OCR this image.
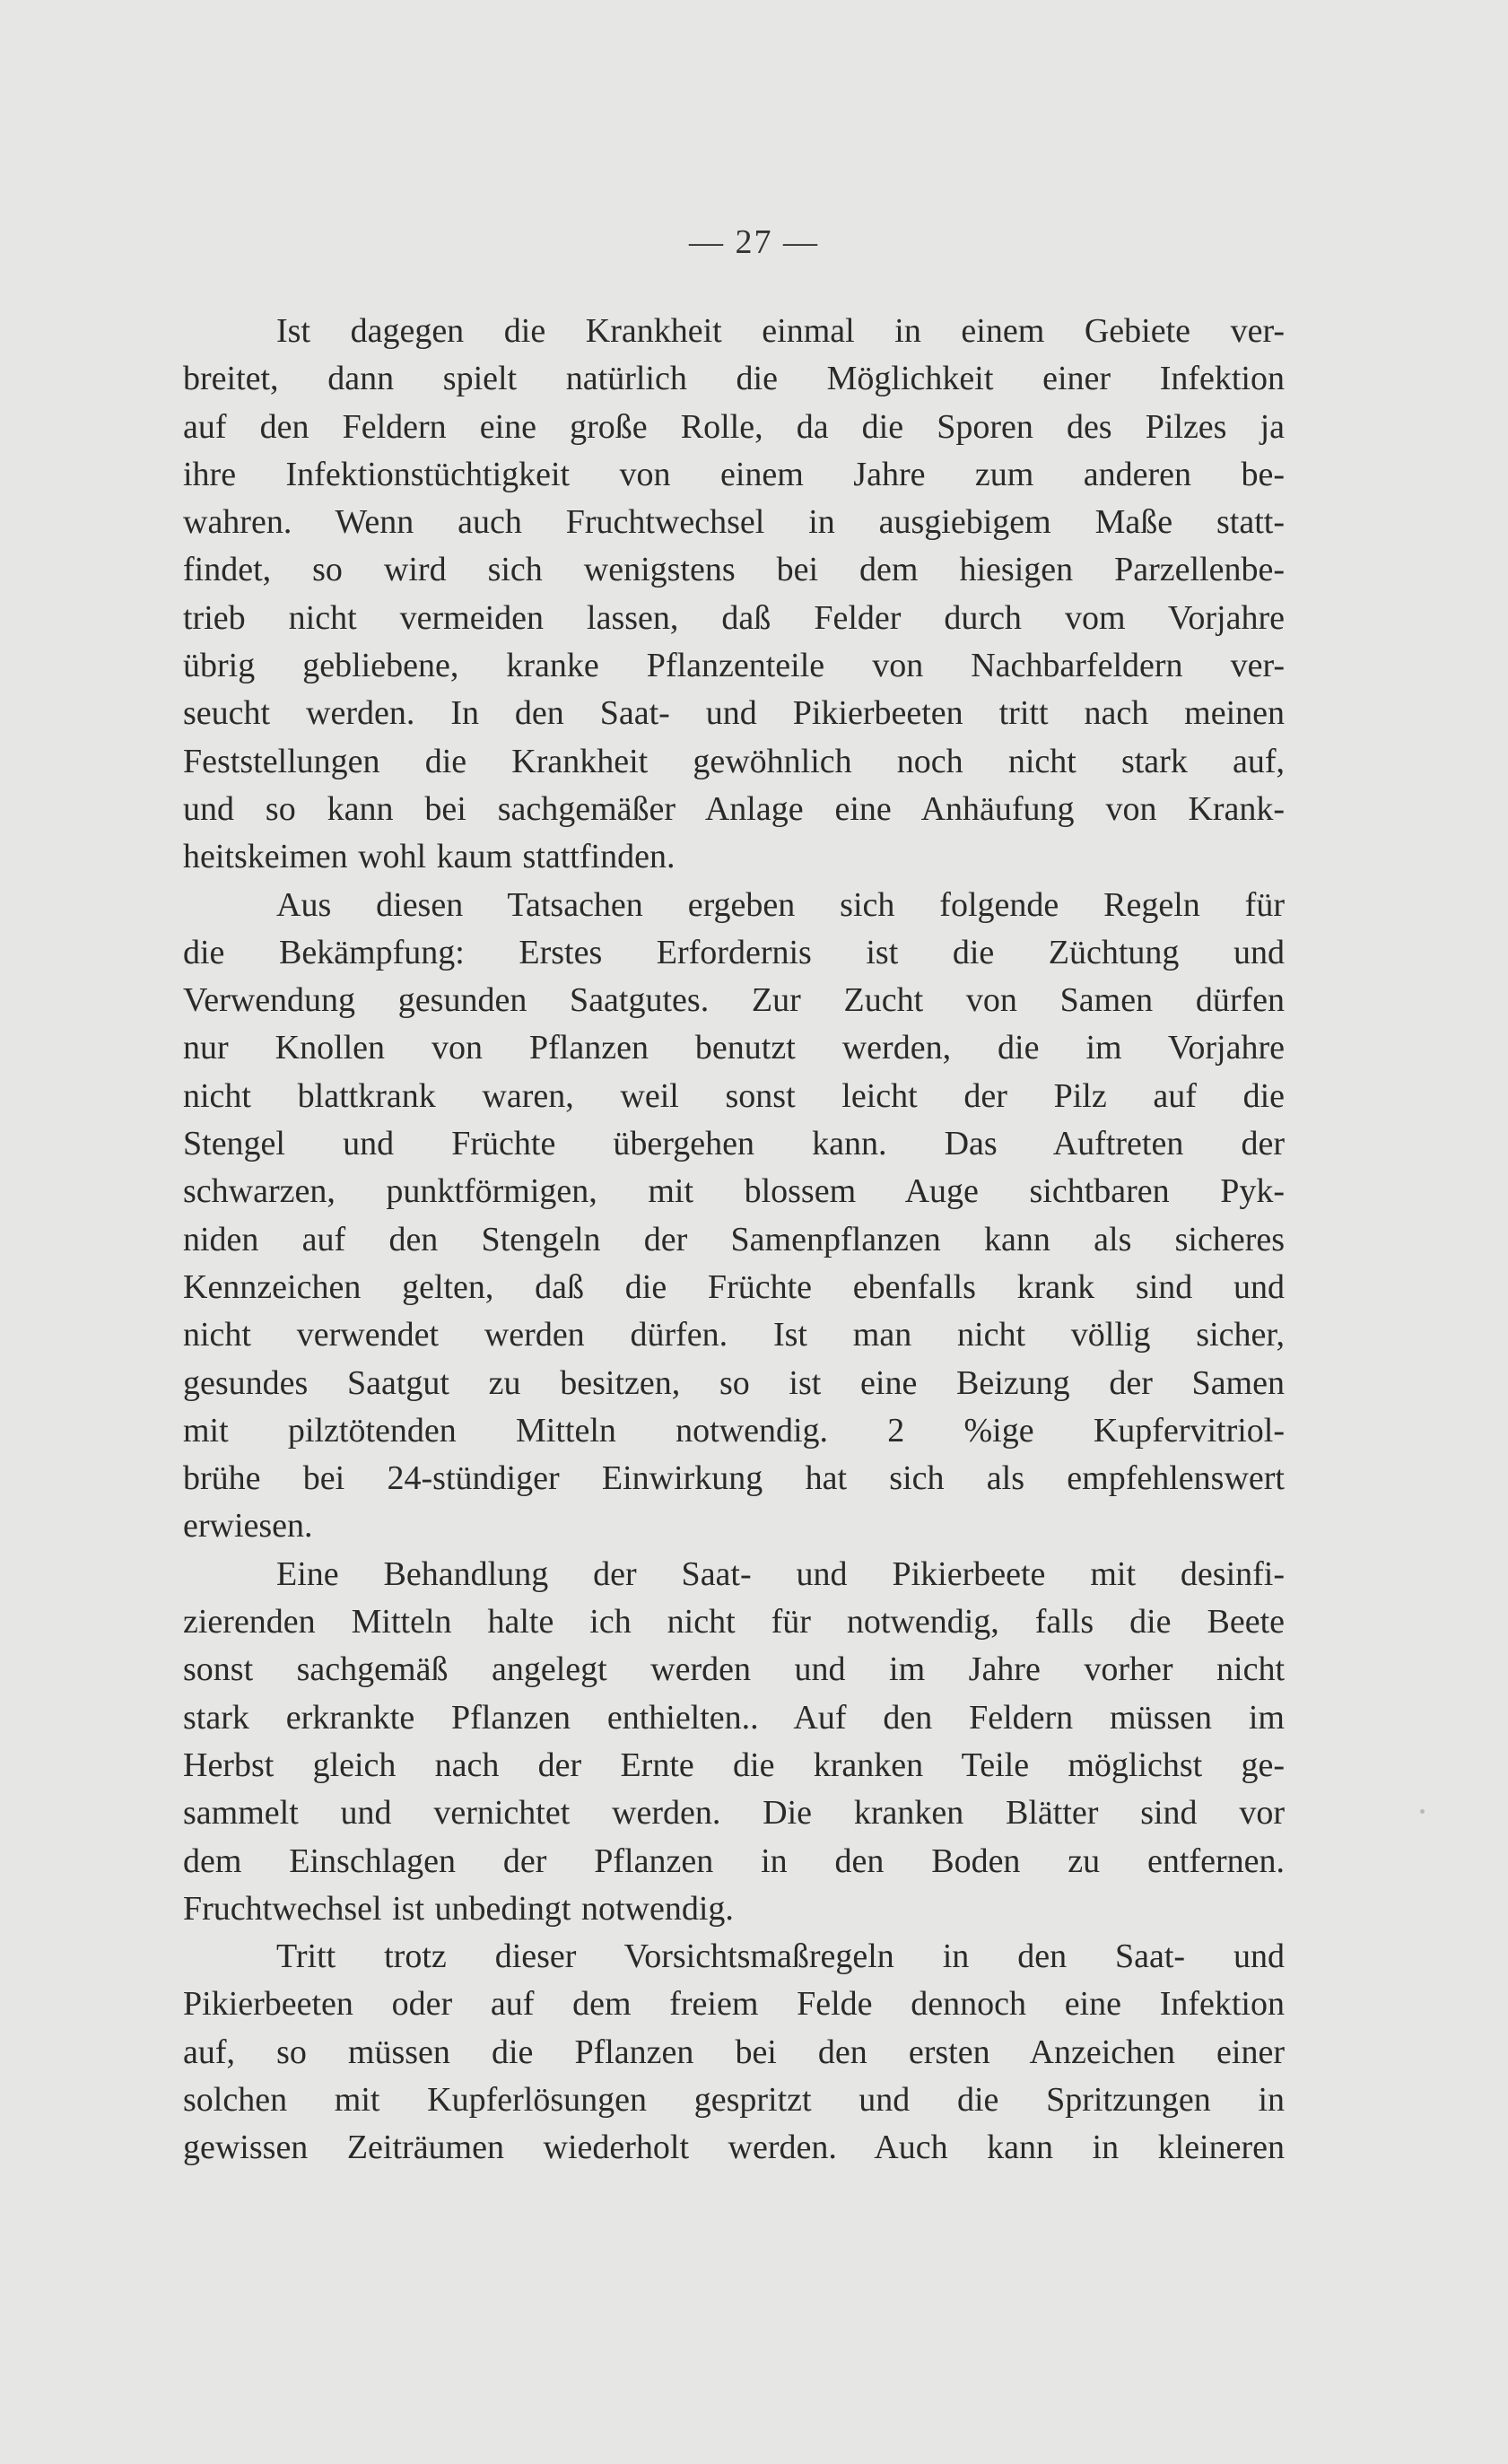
— 27 —
Ist dagegen die Krankheit einmal in einem Gebiete ver-
breitet, dann spielt natürlich die Möglichkeit einer Infektion
auf den Feldern eine große Rolle, da die Sporen des Pilzes ja
ihre Infektionstüchtigkeit von einem Jahre zum anderen be-
wahren. Wenn auch Fruchtwechsel in ausgiebigem Maße statt-
findet, so wird sich wenigstens bei dem hiesigen Parzellenbe-
trieb nicht vermeiden lassen, daß Felder durch vom Vorjahre
übrig gebliebene, kranke Pflanzenteile von Nachbarfeldern ver-
seucht werden. In den Saat- und Pikierbeeten tritt nach meinen
Feststellungen die Krankheit gewöhnlich noch nicht stark auf,
und so kann bei sachgemäßer Anlage eine Anhäufung von Krank-
heitskeimen wohl kaum stattfinden.
Aus diesen Tatsachen ergeben sich folgende Regeln für
die Bekämpfung: Erstes Erfordernis ist die Züchtung und
Verwendung gesunden Saatgutes. Zur Zucht von Samen dürfen
nur Knollen von Pflanzen benutzt werden, die im Vorjahre
nicht blattkrank waren, weil sonst leicht der Pilz auf die
Stengel und Früchte übergehen kann. Das Auftreten der
schwarzen, punktförmigen, mit blossem Auge sichtbaren Pyk-
niden auf den Stengeln der Samenpflanzen kann als sicheres
Kennzeichen gelten, daß die Früchte ebenfalls krank sind und
nicht verwendet werden dürfen. Ist man nicht völlig sicher,
gesundes Saatgut zu besitzen, so ist eine Beizung der Samen
mit pilztötenden Mitteln notwendig. 2 %ige Kupfervitriol-
brühe bei 24-stündiger Einwirkung hat sich als empfehlenswert
erwiesen.
Eine Behandlung der Saat- und Pikierbeete mit desinfi-
zierenden Mitteln halte ich nicht für notwendig, falls die Beete
sonst sachgemäß angelegt werden und im Jahre vorher nicht
stark erkrankte Pflanzen enthielten.. Auf den Feldern müssen im
Herbst gleich nach der Ernte die kranken Teile möglichst ge-
sammelt und vernichtet werden. Die kranken Blätter sind vor
dem Einschlagen der Pflanzen in den Boden zu entfernen.
Fruchtwechsel ist unbedingt notwendig.
Tritt trotz dieser Vorsichtsmaßregeln in den Saat- und
Pikierbeeten oder auf dem freiem Felde dennoch eine Infektion
auf, so müssen die Pflanzen bei den ersten Anzeichen einer
solchen mit Kupferlösungen gespritzt und die Spritzungen in
gewissen Zeiträumen wiederholt werden. Auch kann in kleineren
